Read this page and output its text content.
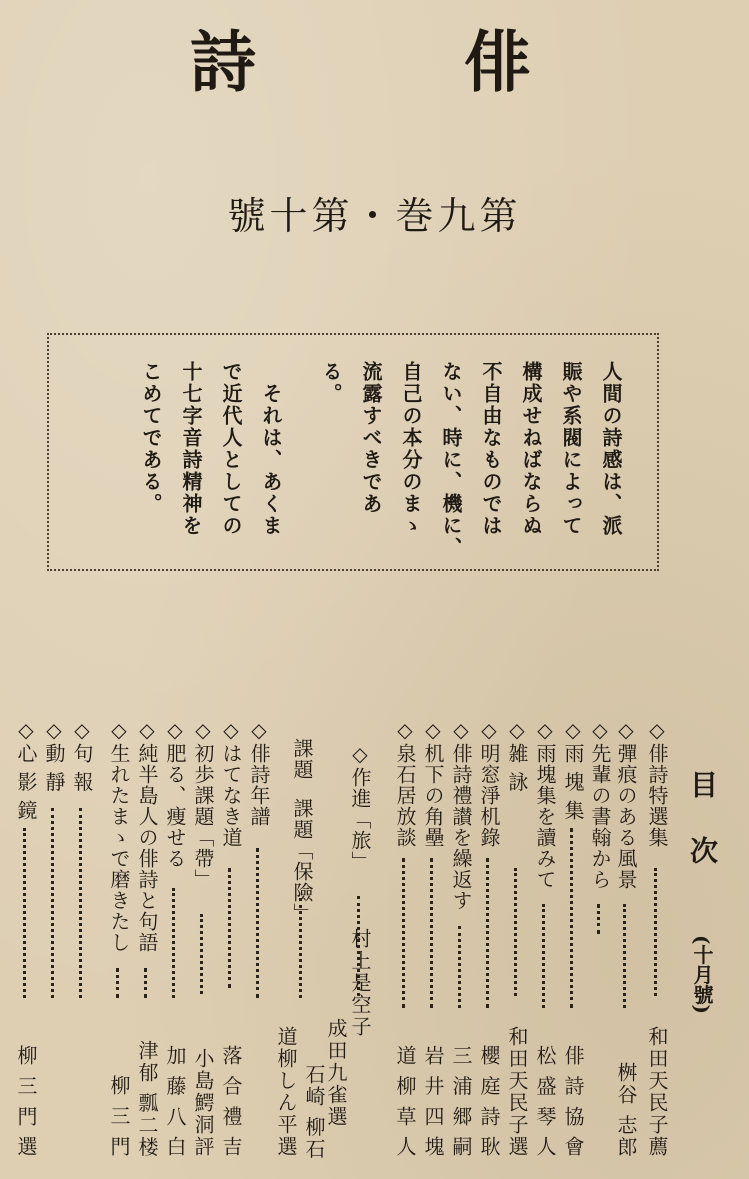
詩	俳
號十第・巻九第
人間の詩感は、派
賑や系閥によって
構成せねばならぬ
不自由なものでは
ない、時に、機に、
自己の本分のまゝ
流露すべきであ
る。
それは、あくま
で近代人としての
十七字音詩精神を
こめてである。
目 次
(十月號)
◇俳詩特選集
和田天民子薦
◇彈痕のある風景
桝谷 志郎
◇先輩の書翰から
◇雨 塊 集
俳 詩 協 會
◇雨塊集を讀みて
松 盛 琴 人
◇雑 詠
和田天民子選
◇明窓淨机錄
櫻 庭 詩 耿
◇俳詩禮讃を繰返す
三 浦 郷 嗣
◇机下の角壘
岩 井 四 塊
◇泉石居放談
道 柳 草 人
◇作進「旅」
村上是空子
成田九雀選
石崎 柳石
課題
課題「保險」
道柳しん平選
◇俳詩年譜
◇はてなき道
落 合 禮 吉
◇初歩課題「帶」
小島鰐洞評
◇肥る、痩せる
加 藤 八 白
◇純半島人の俳詩と句語
津郁 瓢二楼
◇生れたまゝで磨きたし
柳 三 門
◇句 報
◇動 靜
◇心 影 鏡
柳 三 門 選
